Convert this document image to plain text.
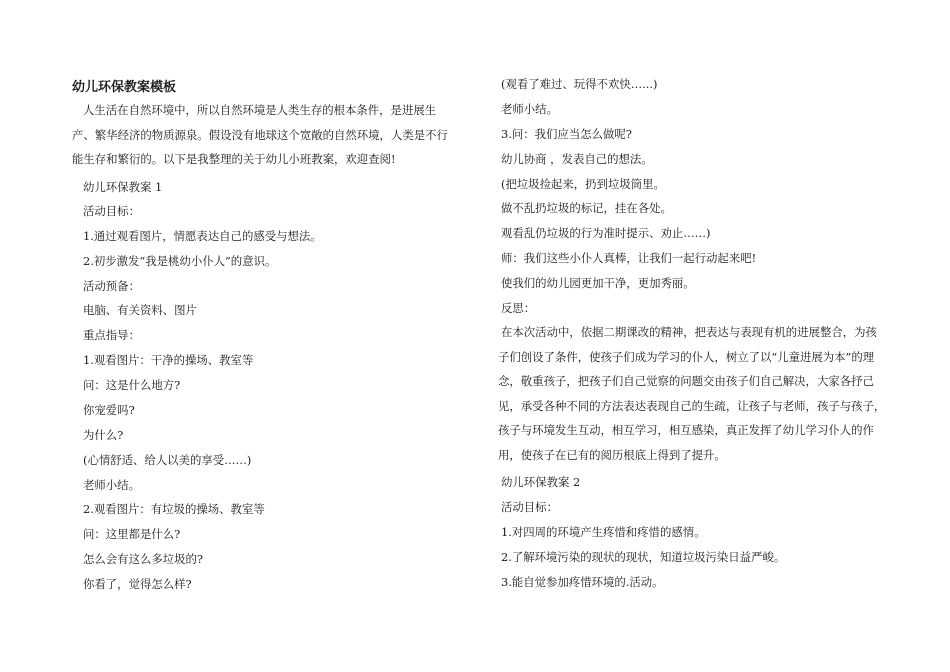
幼儿环保教案模板

人生活在自然环境中，所以自然环境是人类生存的根本条件，是进展生产、繁华经济的物质源泉。假设没有地球这个宽敞的自然环境，人类是不行能生存和繁衍的。以下是我整理的关于幼儿小班教案，欢迎查阅!

幼儿环保教案 1

活动目标：

1.通过观看图片，情愿表达自己的感受与想法。

2.初步激发“我是桃幼小仆人”的意识。

活动预备：

电脑、有关资料、图片

重点指导：

1.观看图片：干净的操场、教室等

问：这是什么地方?

你宠爱吗?

为什么?

(心情舒适、给人以美的享受……)

老师小结。

2.观看图片：有垃圾的操场、教室等

问：这里都是什么?

怎么会有这么多垃圾的?

你看了，觉得怎么样?

(观看了难过、玩得不欢快…...)

老师小结。

3.问：我们应当怎么做呢?

幼儿协商 ，发表自己的想法。

(把垃圾捡起来，扔到垃圾筒里。

做不乱扔垃圾的标记，挂在各处。

观看乱仍垃圾的行为准时提示、劝止……)

师：我们这些小仆人真棒，让我们一起行动起来吧!

使我们的幼儿园更加干净，更加秀丽。

反思：

在本次活动中，依据二期课改的精神，把表达与表现有机的进展整合，为孩子们创设了条件，使孩子们成为学习的仆人，树立了以“儿童进展为本”的理念，敬重孩子，把孩子们自己觉察的问题交由孩子们自己解决，大家各抒己见，承受各种不同的方法表达表现自己的生疏，让孩子与老师，孩子与孩子，孩子与环境发生互动，相互学习，相互感染，真正发挥了幼儿学习仆人的作用，使孩子在已有的阅历根底上得到了提升。

幼儿环保教案 2

活动目标：

1.对四周的环境产生疼惜和疼惜的感情。

2.了解环境污染的现状的现状，知道垃圾污染日益严峻。

3.能自觉参加疼惜环境的.活动。
